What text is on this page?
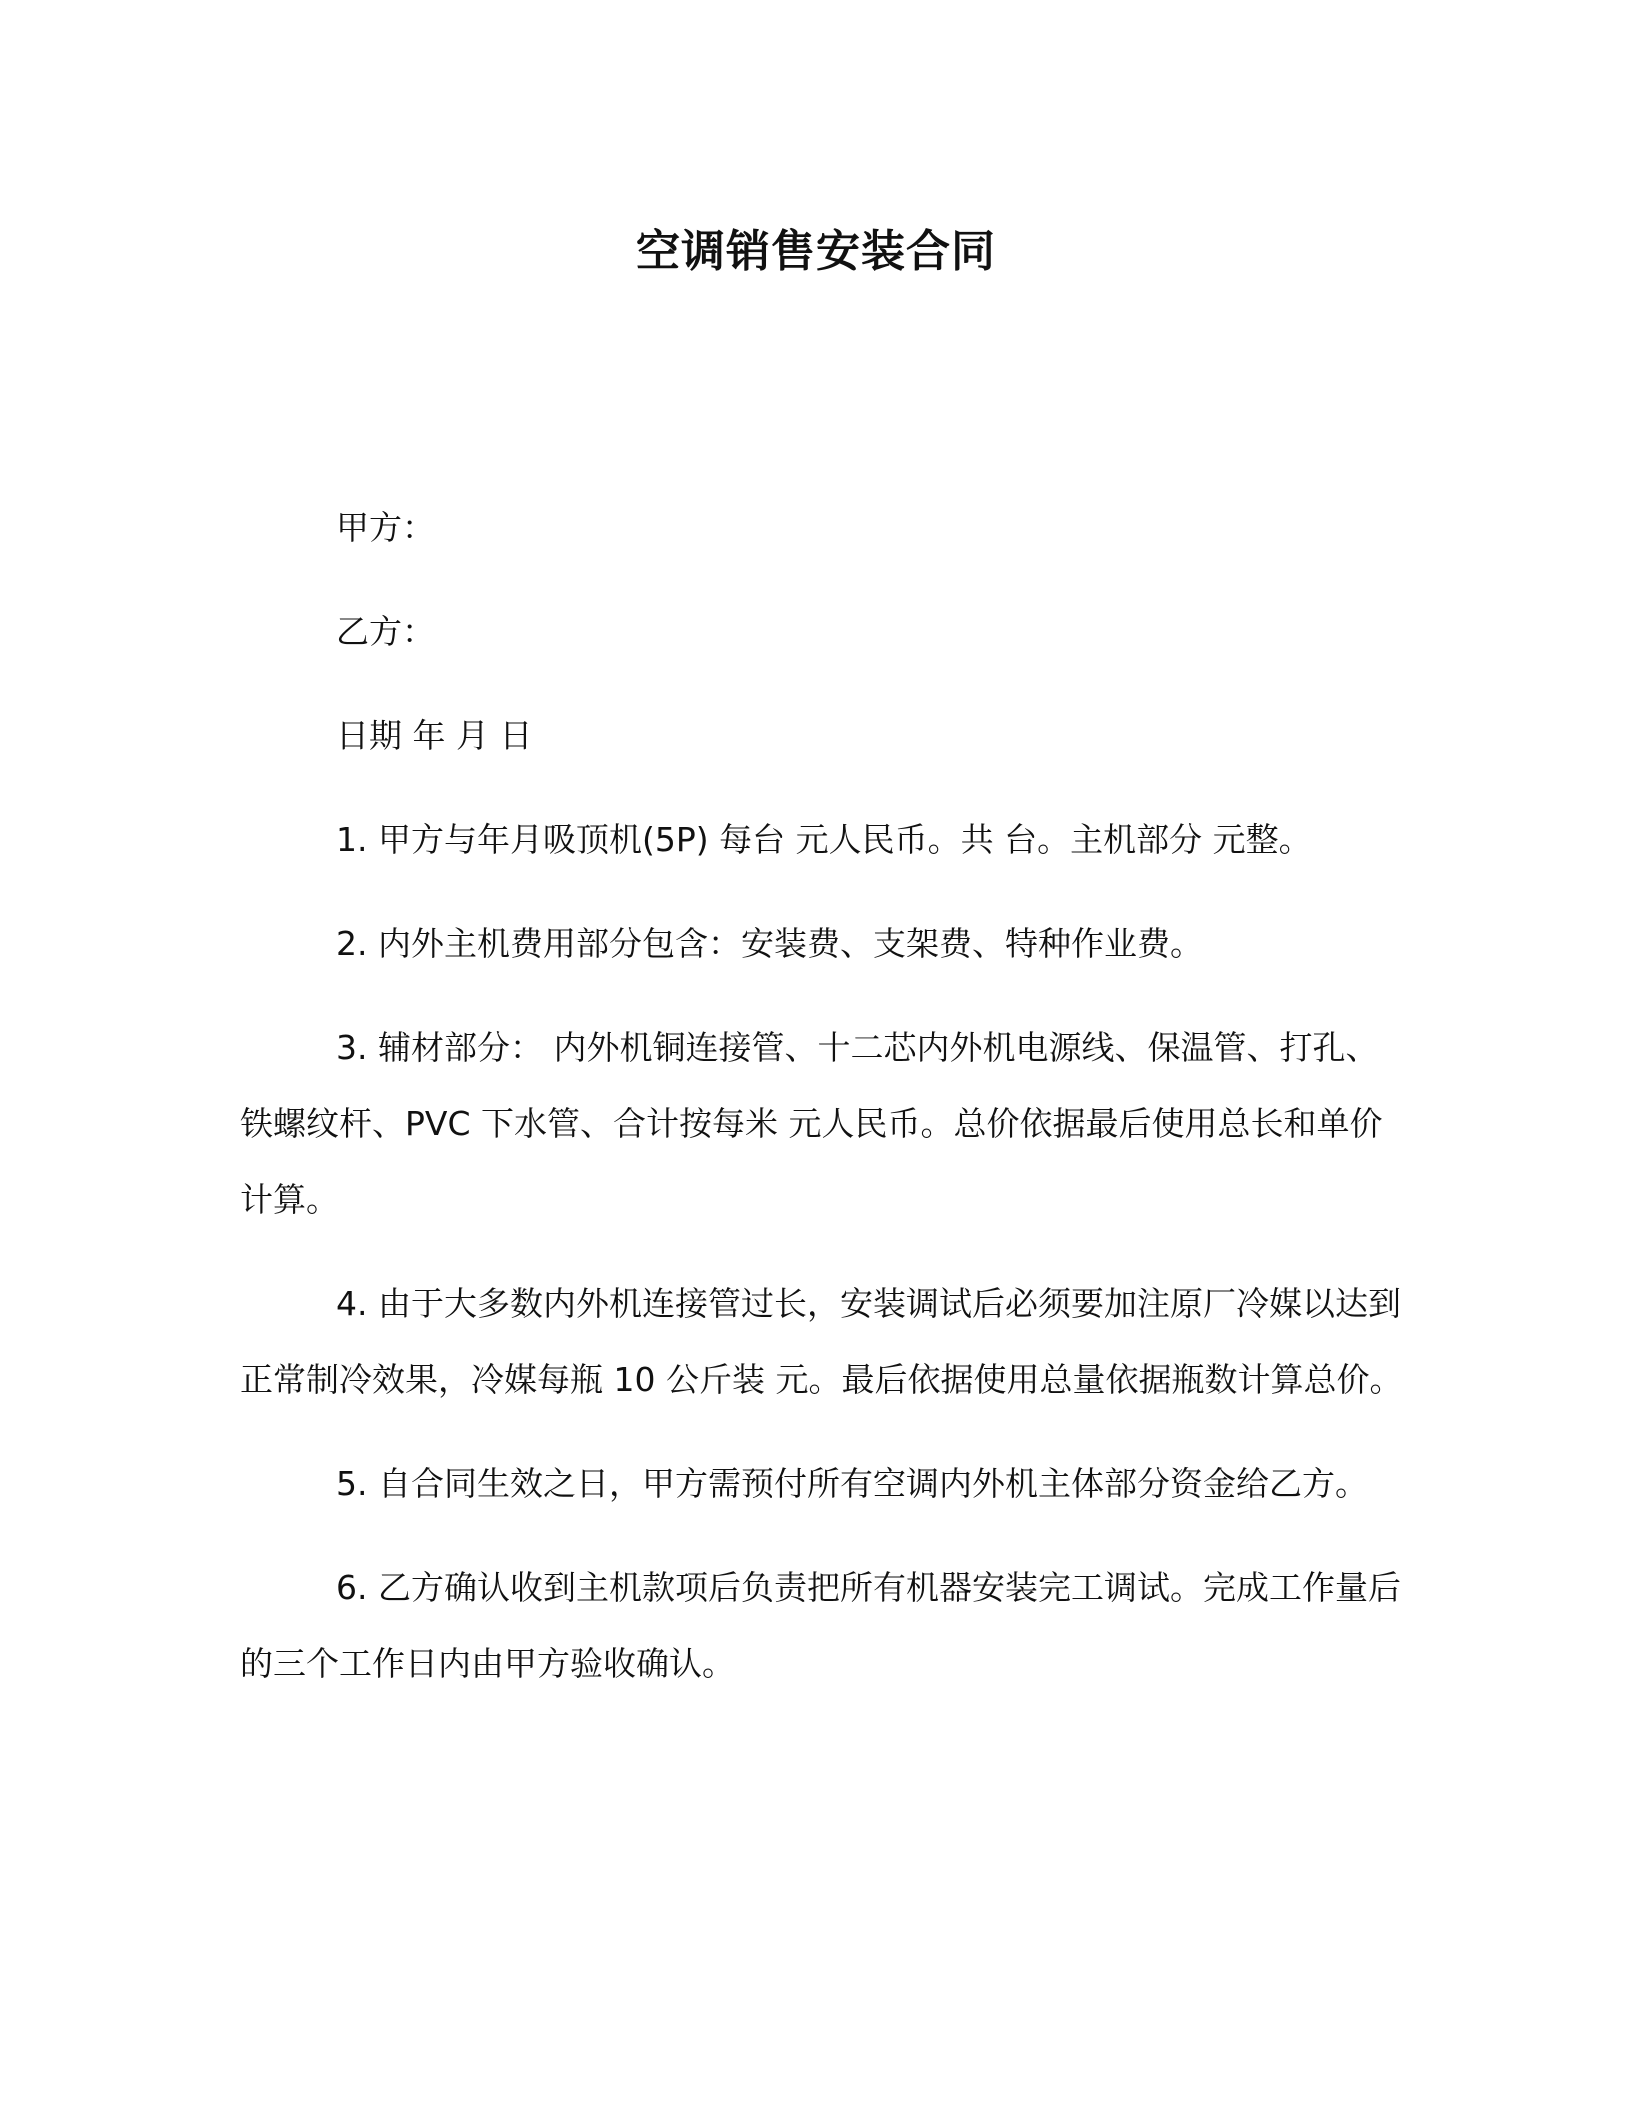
空调销售安装合同

甲方：

乙方：

日期 年 月 日

1. 甲方与年月吸顶机(5P) 每台 元人民币。共 台。主机部分 元整。

2. 内外主机费用部分包含：安装费、支架费、特种作业费。

3. 辅材部分： 内外机铜连接管、十二芯内外机电源线、保温管、打孔、铁螺纹杆、PVC 下水管、合计按每米 元人民币。总价依据最后使用总长和单价计算。

4. 由于大多数内外机连接管过长，安装调试后必须要加注原厂冷媒以达到正常制冷效果，冷媒每瓶 10 公斤装 元。最后依据使用总量依据瓶数计算总价。

5. 自合同生效之日，甲方需预付所有空调内外机主体部分资金给乙方。

6. 乙方确认收到主机款项后负责把所有机器安装完工调试。完成工作量后的三个工作日内由甲方验收确认。
